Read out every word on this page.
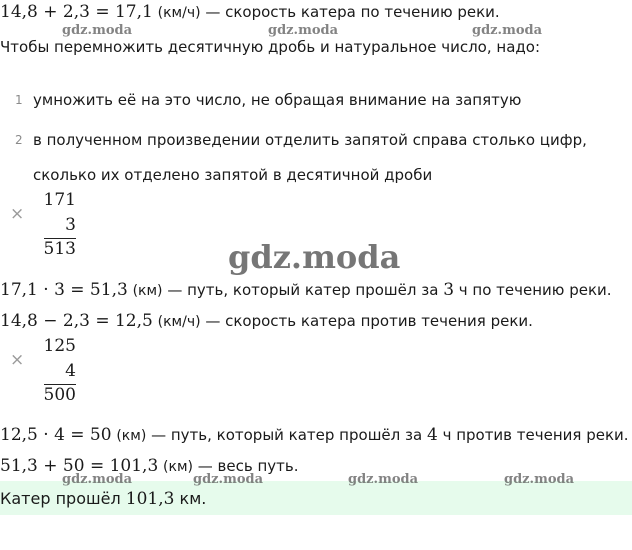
14,8 + 2,3 = 17,1 (км/ч) — скорость катера по течению реки.
gdz.moda	gdz.moda	gdz.moda
Чтобы перемножить десятичную дробь и натуральное число, надо:
1 умножить её на это число, не обращая внимание на запятую
2 в полученном произведении отделить запятой справа столько цифр,
сколько их отделено запятой в десятичной дроби
×
171
3
513	gdz.moda
17,1 · 3 = 51,3 (км) — путь, который катер прошёл за 3 ч по течению реки.
14,8 − 2,3 = 12,5 (км/ч) — скорость катера против течения реки.
×
125
4
500
12,5 · 4 = 50 (км) — путь, который катер прошёл за 4 ч против течения реки.
51,3 + 50 = 101,3 (км) — весь путь.
Катер прошёл 101,3 км.
gdz.moda	gdz.moda	gdz.moda	gdz.moda
